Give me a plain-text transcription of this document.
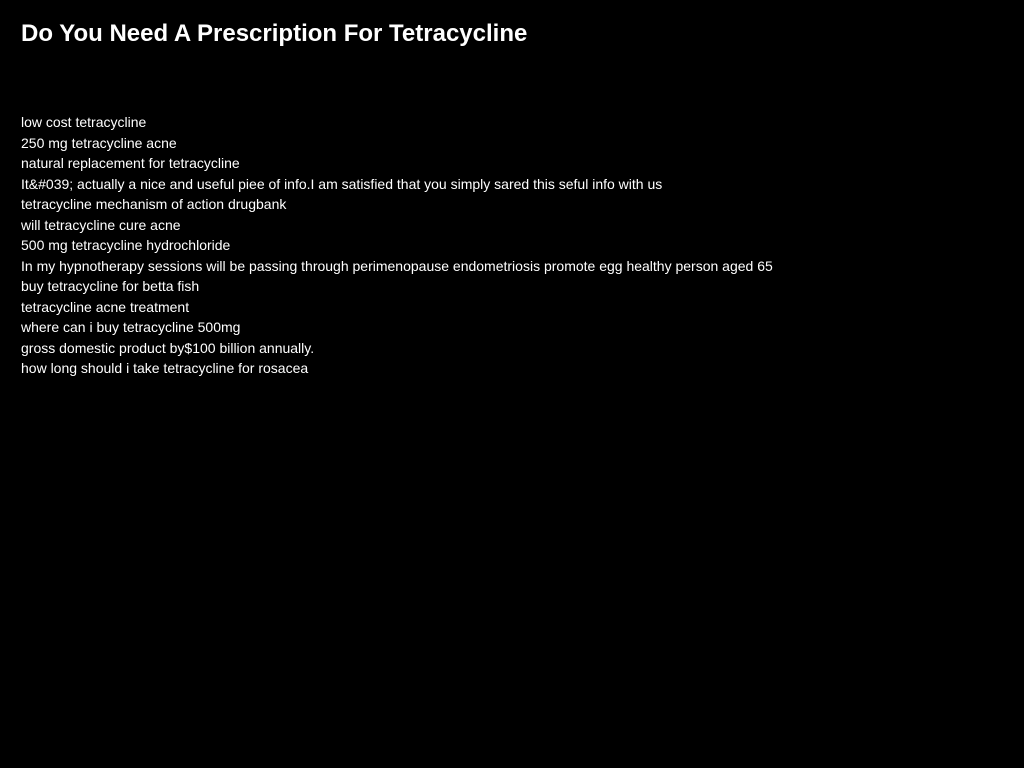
Do You Need A Prescription For Tetracycline
low cost tetracycline
250 mg tetracycline acne
natural replacement for tetracycline
It&#039; actually a nice and useful piee of info.I am satisfied that you simply sared this seful info with us
tetracycline mechanism of action drugbank
will tetracycline cure acne
500 mg tetracycline hydrochloride
In my hypnotherapy sessions will be passing through perimenopause endometriosis promote egg healthy person aged 65
buy tetracycline for betta fish
tetracycline acne treatment
where can i buy tetracycline 500mg
gross domestic product by$100 billion annually.
how long should i take tetracycline for rosacea
